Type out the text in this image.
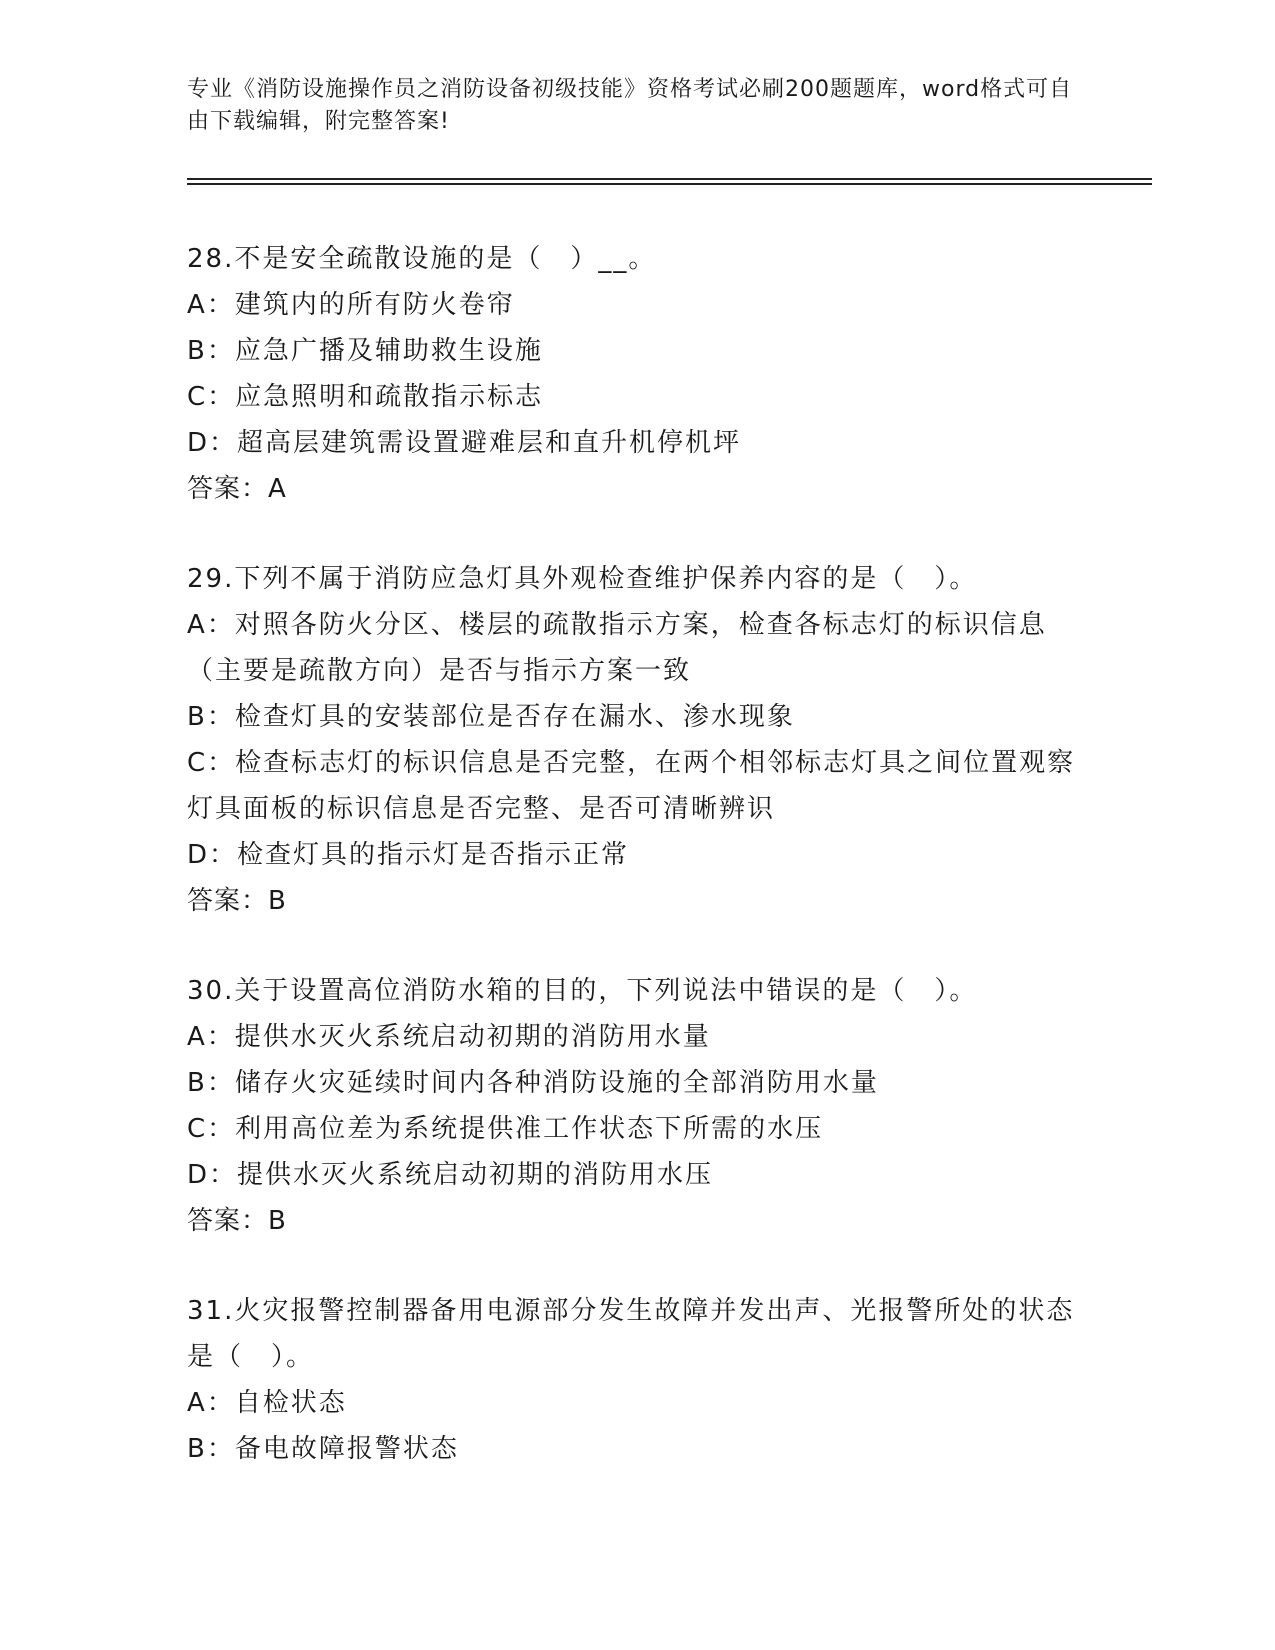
专业《消防设施操作员之消防设备初级技能》资格考试必刷200题题库，word格式可自由下载编辑，附完整答案!
28.不是安全疏散设施的是（　）__。
A：建筑内的所有防火卷帘
B：应急广播及辅助救生设施
C：应急照明和疏散指示标志
D：超高层建筑需设置避难层和直升机停机坪
答案：A
29.下列不属于消防应急灯具外观检查维护保养内容的是（　）。
A：对照各防火分区、楼层的疏散指示方案，检查各标志灯的标识信息（主要是疏散方向）是否与指示方案一致
B：检查灯具的安装部位是否存在漏水、渗水现象
C：检查标志灯的标识信息是否完整，在两个相邻标志灯具之间位置观察灯具面板的标识信息是否完整、是否可清晰辨识
D：检查灯具的指示灯是否指示正常
答案：B
30.关于设置高位消防水箱的目的，下列说法中错误的是（　）。
A：提供水灭火系统启动初期的消防用水量
B：储存火灾延续时间内各种消防设施的全部消防用水量
C：利用高位差为系统提供准工作状态下所需的水压
D：提供水灭火系统启动初期的消防用水压
答案：B
31.火灾报警控制器备用电源部分发生故障并发出声、光报警所处的状态是（　）。
A：自检状态
B：备电故障报警状态
